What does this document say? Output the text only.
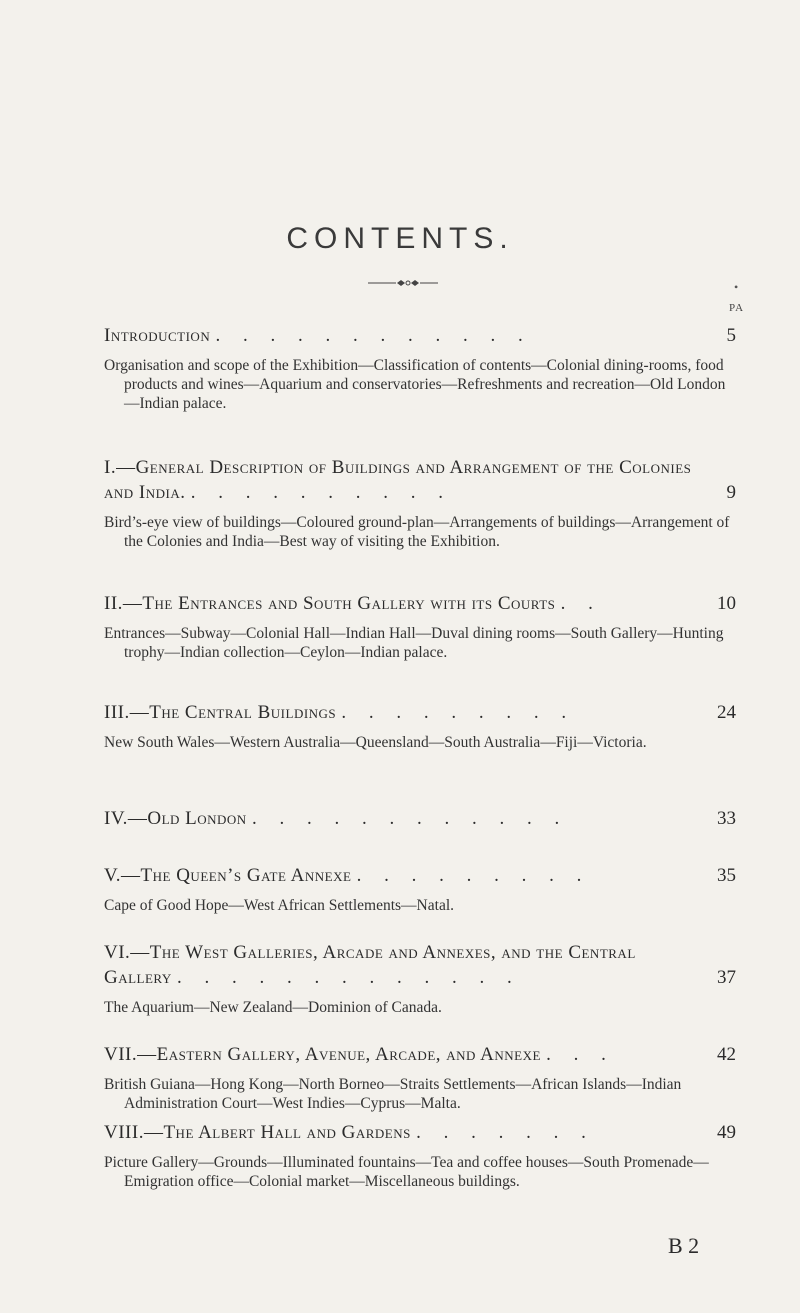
CONTENTS.
•
PA
Introduction . . . . . . . . . . . .	5
Organisation and scope of the Exhibition—Classification of contents—Colonial dining-rooms, food products and wines—Aquarium and conservatories—Refreshments and recreation—Old London—Indian palace.
I.—General Description of Buildings and Arrangement of the Colonies and India. . . . . . . . . . .	9
Bird’s-eye view of buildings—Coloured ground-plan—Arrangements of buildings—Arrangement of the Colonies and India—Best way of visiting the Exhibition.
II.—The Entrances and South Gallery with its Courts . .	10
Entrances—Subway—Colonial Hall—Indian Hall—Duval dining rooms—South Gallery—Hunting trophy—Indian collection—Ceylon—Indian palace.
III.—The Central Buildings . . . . . . . . .	24
New South Wales—Western Australia—Queensland—South Australia—Fiji—Victoria.
IV.—Old London . . . . . . . . . . . .	33
V.—The Queen’s Gate Annexe . . . . . . . . .	35
Cape of Good Hope—West African Settlements—Natal.
VI.—The West Galleries, Arcade and Annexes, and the Central Gallery . . . . . . . . . . . . .	37
The Aquarium—New Zealand—Dominion of Canada.
VII.—Eastern Gallery, Avenue, Arcade, and Annexe . . .	42
British Guiana—Hong Kong—North Borneo—Straits Settlements—African Islands—Indian Administration Court—West Indies—Cyprus—Malta.
VIII.—The Albert Hall and Gardens . . . . . . .	49
Picture Gallery—Grounds—Illuminated fountains—Tea and coffee houses—South Promenade—Emigration office—Colonial market—Miscellaneous buildings.
B 2
